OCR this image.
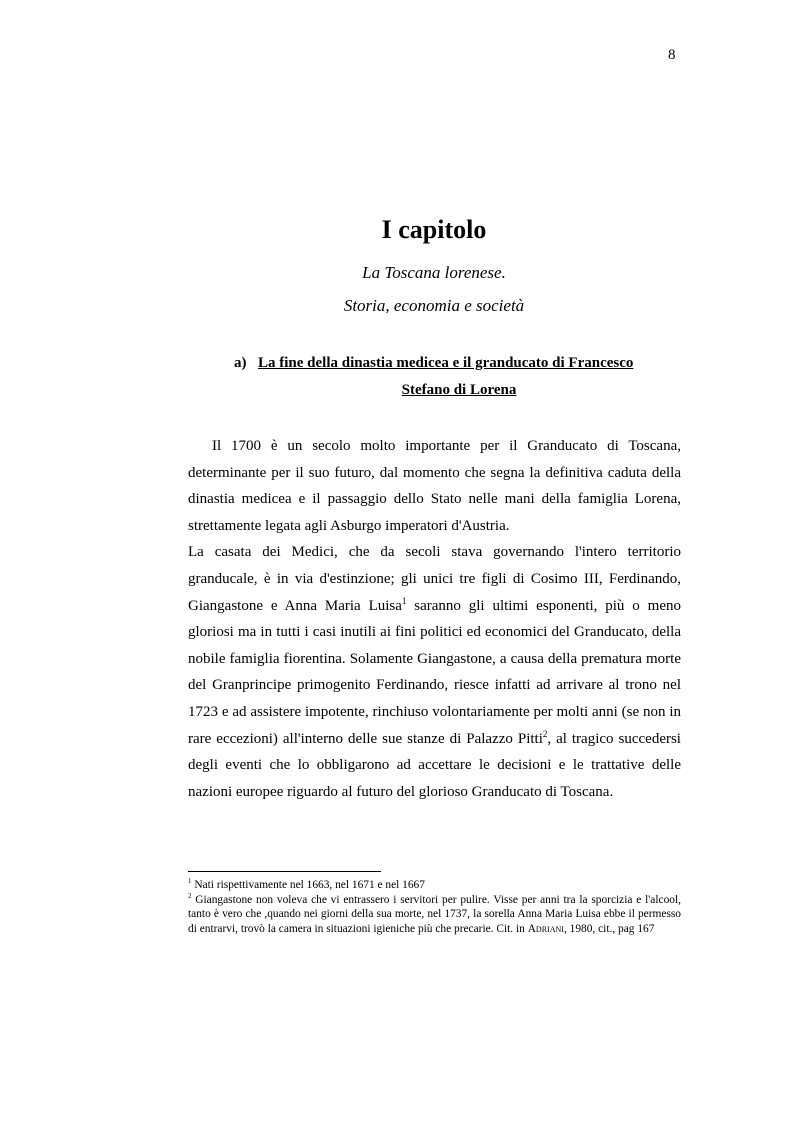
8
I capitolo
La Toscana lorenese.
Storia, economia e società
a) La fine della dinastia medicea e il granducato di Francesco
Stefano di Lorena

Il 1700 è un secolo molto importante per il Granducato di Toscana, determinante per il suo futuro, dal momento che segna la definitiva caduta della dinastia medicea e il passaggio dello Stato nelle mani della famiglia Lorena, strettamente legata agli Asburgo imperatori d'Austria.

La casata dei Medici, che da secoli stava governando l'intero territorio granducale, è in via d'estinzione; gli unici tre figli di Cosimo III, Ferdinando, Giangastone e Anna Maria Luisa$^1$ saranno gli ultimi esponenti, più o meno gloriosi ma in tutti i casi inutili ai fini politici ed economici del Granducato, della nobile famiglia fiorentina. Solamente Giangastone, a causa della prematura morte del Granprincipe primogenito Ferdinando, riesce infatti ad arrivare al trono nel 1723 e ad assistere impotente, rinchiuso volontariamente per molti anni (se non in rare eccezioni) all'interno delle sue stanze di Palazzo Pitti$^2$, al tragico succedersi degli eventi che lo obbligarono ad accettare le decisioni e le trattative delle nazioni europee riguardo al futuro del glorioso Granducato di Toscana.

$^1$ Nati rispettivamente nel 1663, nel 1671 e nel 1667

$^2$ Giangastone non voleva che vi entrassero i servitori per pulire. Visse per anni tra la sporcizia e l'alcool, tanto è vero che ,quando nei giorni della sua morte, nel 1737, la sorella Anna Maria Luisa ebbe il permesso di entrarvi, trovò la camera in situazioni igieniche più che precarie. Cit. in Adriani, 1980, cit., pag 167
